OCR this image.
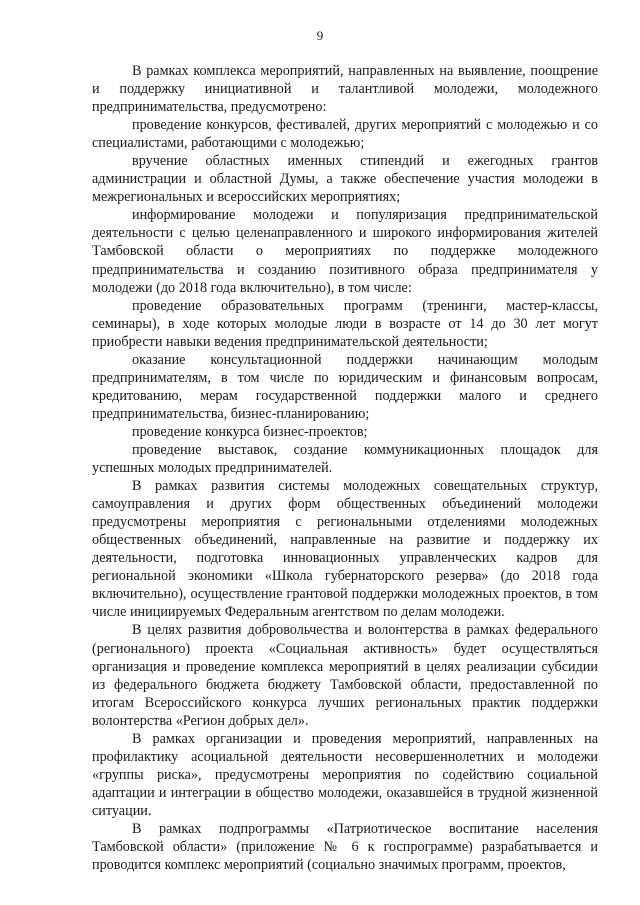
9

В рамках комплекса мероприятий, направленных на выявление, поощрение и поддержку инициативной и талантливой молодежи, молодежного предпринимательства, предусмотрено:

проведение конкурсов, фестивалей, других мероприятий с молодежью и со специалистами, работающими с молодежью;

вручение областных именных стипендий и ежегодных грантов администрации и областной Думы, а также обеспечение участия молодежи в межрегиональных и всероссийских мероприятиях;

информирование молодежи и популяризация предпринимательской деятельности с целью целенаправленного и широкого информирования жителей Тамбовской области о мероприятиях по поддержке молодежного предпринимательства и созданию позитивного образа предпринимателя у молодежи (до 2018 года включительно), в том числе:

проведение образовательных программ (тренинги, мастер-классы, семинары), в ходе которых молодые люди в возрасте от 14 до 30 лет могут приобрести навыки ведения предпринимательской деятельности;

оказание консультационной поддержки начинающим молодым предпринимателям, в том числе по юридическим и финансовым вопросам, кредитованию, мерам государственной поддержки малого и среднего предпринимательства, бизнес-планированию;

проведение конкурса бизнес-проектов;

проведение выставок, создание коммуникационных площадок для успешных молодых предпринимателей.

В рамках развития системы молодежных совещательных структур, самоуправления и других форм общественных объединений молодежи предусмотрены мероприятия с региональными отделениями молодежных общественных объединений, направленные на развитие и поддержку их деятельности, подготовка инновационных управленческих кадров для региональной экономики «Школа губернаторского резерва» (до 2018 года включительно), осуществление грантовой поддержки молодежных проектов, в том числе инициируемых Федеральным агентством по делам молодежи.

В целях развития добровольчества и волонтерства в рамках федерального (регионального) проекта «Социальная активность» будет осуществляться организация и проведение комплекса мероприятий в целях реализации субсидии из федерального бюджета бюджету Тамбовской области, предоставленной по итогам Всероссийского конкурса лучших региональных практик поддержки волонтерства «Регион добрых дел».

В рамках организации и проведения мероприятий, направленных на профилактику асоциальной деятельности несовершеннолетних и молодежи «группы риска», предусмотрены мероприятия по содействию социальной адаптации и интеграции в общество молодежи, оказавшейся в трудной жизненной ситуации.

В рамках подпрограммы «Патриотическое воспитание населения Тамбовской области» (приложение № 6 к госпрограмме) разрабатывается и проводится комплекс мероприятий (социально значимых программ, проектов,
